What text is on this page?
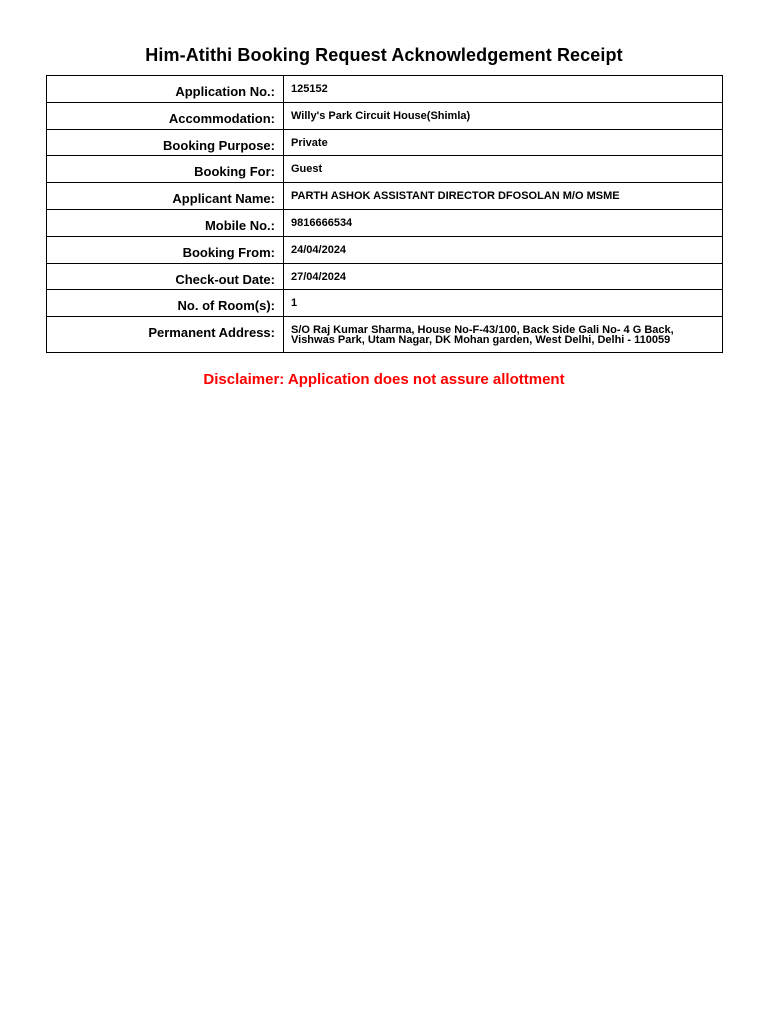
Him-Atithi Booking Request Acknowledgement Receipt
Application No.:	125152
Accommodation:	Willy's Park Circuit House(Shimla)
Booking Purpose:	Private
Booking For:	Guest
Applicant Name:	PARTH ASHOK ASSISTANT DIRECTOR DFOSOLAN M/O MSME
Mobile No.:	9816666534
Booking From:	24/04/2024
Check-out Date:	27/04/2024
No. of Room(s):	1
Permanent Address:	S/O Raj Kumar Sharma, House No-F-43/100, Back Side Gali No- 4 G Back, Vishwas Park, Utam Nagar, DK Mohan garden, West Delhi, Delhi - 110059
Disclaimer: Application does not assure allottment
